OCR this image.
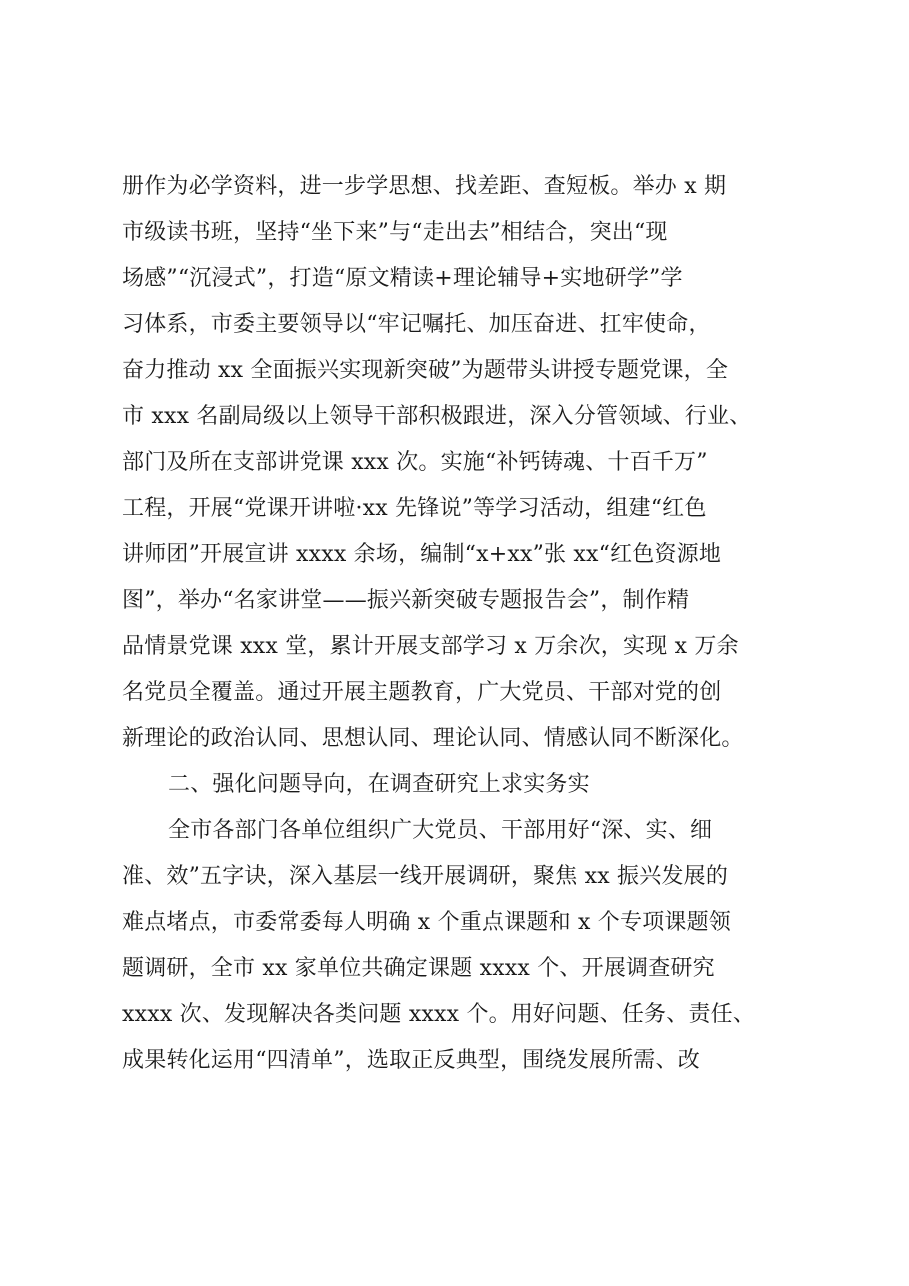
册作为必学资料，进一步学思想、找差距、查短板。举办 x 期
市级读书班，坚持“坐下来”与“走出去”相结合，突出“现
场感”“沉浸式”，打造“原文精读+理论辅导+实地研学”学
习体系，市委主要领导以“牢记嘱托、加压奋进、扛牢使命，
奋力推动 xx 全面振兴实现新突破”为题带头讲授专题党课，全
市 xxx 名副局级以上领导干部积极跟进，深入分管领域、行业、
部门及所在支部讲党课 xxx 次。实施“补钙铸魂、十百千万”
工程，开展“党课开讲啦·xx 先锋说”等学习活动，组建“红色
讲师团”开展宣讲 xxxx 余场，编制“x+xx”张 xx“红色资源地
图”，举办“名家讲堂——振兴新突破专题报告会”，制作精
品情景党课 xxx 堂，累计开展支部学习 x 万余次，实现 x 万余
名党员全覆盖。通过开展主题教育，广大党员、干部对党的创
新理论的政治认同、思想认同、理论认同、情感认同不断深化。
二、强化问题导向，在调查研究上求实务实
全市各部门各单位组织广大党员、干部用好“深、实、细
准、效”五字诀，深入基层一线开展调研，聚焦 xx 振兴发展的
难点堵点，市委常委每人明确 x 个重点课题和 x 个专项课题领
题调研，全市 xx 家单位共确定课题 xxxx 个、开展调查研究
xxxx 次、发现解决各类问题 xxxx 个。用好问题、任务、责任、
成果转化运用“四清单”，选取正反典型，围绕发展所需、改
